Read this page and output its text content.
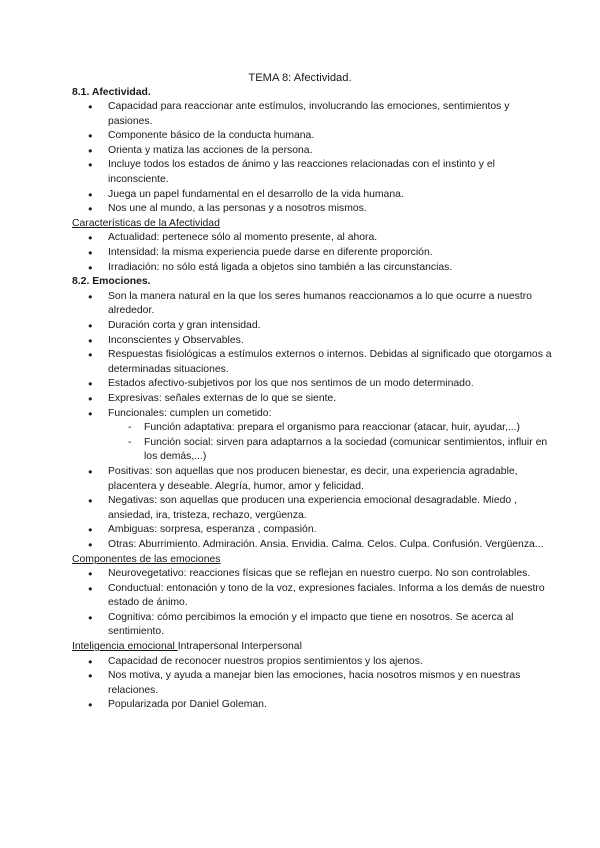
TEMA 8: Afectividad.

8.1. Afectividad.

● Capacidad para reaccionar ante estímulos, involucrando las emociones, sentimientos y pasiones.
● Componente básico de la conducta humana.
● Orienta y matiza las acciones de la persona.
● Incluye todos los estados de ánimo y las reacciones relacionadas con el instinto y el inconsciente.
● Juega un papel fundamental en el desarrollo de la vida humana.
● Nos une al mundo, a las personas y a nosotros mismos.

Características de la Afectividad

● Actualidad: pertenece sólo al momento presente, al ahora.
● Intensidad: la misma experiencia puede darse en diferente proporción.
● Irradiación: no sólo está ligada a objetos sino también a las circunstancias.

8.2. Emociones.

● Son la manera natural en la que los seres humanos reaccionamos a lo que ocurre a nuestro alrededor.
● Duración corta y gran intensidad.
● Inconscientes y Observables.
● Respuestas fisiológicas a estímulos externos o internos. Debidas al significado que otorgamos a determinadas situaciones.
● Estados afectivo-subjetivos por los que nos sentimos de un modo determinado.
● Expresivas: señales externas de lo que se siente.
● Funcionales: cumplen un cometido:
- Función adaptativa: prepara el organismo para reaccionar (atacar, huir, ayudar,...)
- Función social: sirven para adaptarnos a la sociedad (comunicar sentimientos, influir en los demás,...)
● Positivas: son aquellas que nos producen bienestar, es decir, una experiencia agradable, placentera y deseable. Alegría, humor, amor y felicidad.
● Negativas: son aquellas que producen una experiencia emocional desagradable. Miedo , ansiedad, ira, tristeza, rechazo, vergüenza.
● Ambiguas: sorpresa, esperanza , compasión.
● Otras: Aburrimiento. Admiración. Ansia. Envidia. Calma. Celos. Culpa. Confusión. Vergüenza...

Componentes de las emociones

● Neurovegetativo: reacciones físicas que se reflejan en nuestro cuerpo. No son controlables.
● Conductual: entonación y tono de la voz, expresiones faciales. Informa a los demás de nuestro estado de ánimo.
● Cognitiva: cómo percibimos la emoción y el impacto que tiene en nosotros. Se acerca al sentimiento.

Inteligencia emocional Intrapersonal Interpersonal

● Capacidad de reconocer nuestros propios sentimientos y los ajenos.
● Nos motiva, y ayuda a manejar bien las emociones, hacia nosotros mismos y en nuestras relaciones.
● Popularizada por Daniel Goleman.
